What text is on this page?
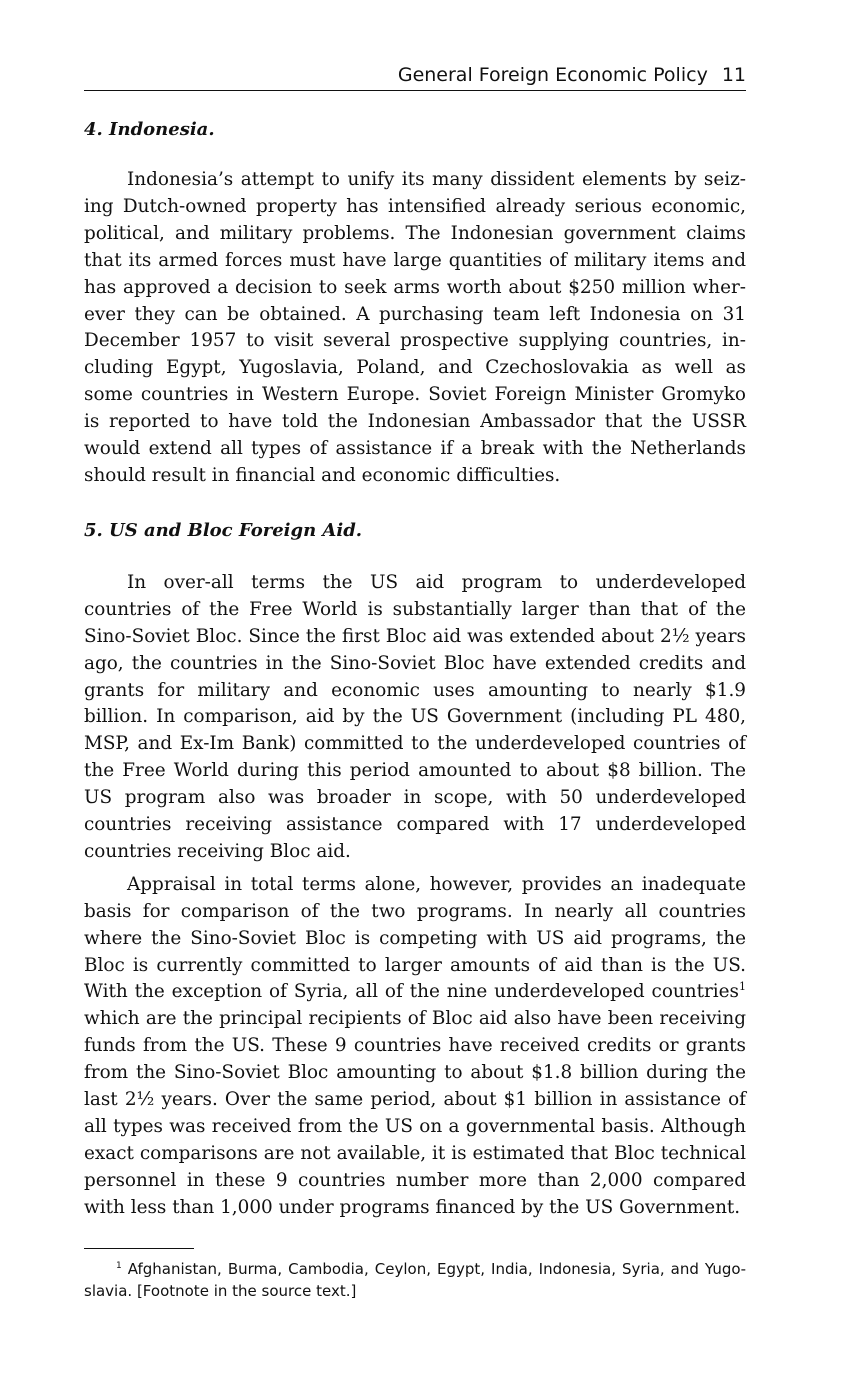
General Foreign Economic Policy 11
4. Indonesia.

Indonesia’s attempt to unify its many dissident elements by seizing Dutch-owned property has intensified already serious economic, political, and military problems. The Indonesian government claims that its armed forces must have large quantities of military items and has approved a decision to seek arms worth about $250 million wherever they can be obtained. A purchasing team left Indonesia on 31 December 1957 to visit several prospective supplying countries, including Egypt, Yugoslavia, Poland, and Czechoslovakia as well as some countries in Western Europe. Soviet Foreign Minister Gromyko is reported to have told the Indonesian Ambassador that the USSR would extend all types of assistance if a break with the Netherlands should result in financial and economic difficulties.

5. US and Bloc Foreign Aid.

In over-all terms the US aid program to underdeveloped countries of the Free World is substantially larger than that of the Sino-Soviet Bloc. Since the first Bloc aid was extended about 2½ years ago, the countries in the Sino-Soviet Bloc have extended credits and grants for military and economic uses amounting to nearly $1.9 billion. In comparison, aid by the US Government (including PL 480, MSP, and Ex-Im Bank) committed to the underdeveloped countries of the Free World during this period amounted to about $8 billion. The US program also was broader in scope, with 50 underdeveloped countries receiving assistance compared with 17 underdeveloped countries receiving Bloc aid.

Appraisal in total terms alone, however, provides an inadequate basis for comparison of the two programs. In nearly all countries where the Sino-Soviet Bloc is competing with US aid programs, the Bloc is currently committed to larger amounts of aid than is the US. With the exception of Syria, all of the nine underdeveloped countries$^1$ which are the principal recipients of Bloc aid also have been receiving funds from the US. These 9 countries have received credits or grants from the Sino-Soviet Bloc amounting to about $1.8 billion during the last 2½ years. Over the same period, about $1 billion in assistance of all types was received from the US on a governmental basis. Although exact comparisons are not available, it is estimated that Bloc technical personnel in these 9 countries number more than 2,000 compared with less than 1,000 under programs financed by the US Government.

$^1$ Afghanistan, Burma, Cambodia, Ceylon, Egypt, India, Indonesia, Syria, and Yugoslavia. [Footnote in the source text.]
